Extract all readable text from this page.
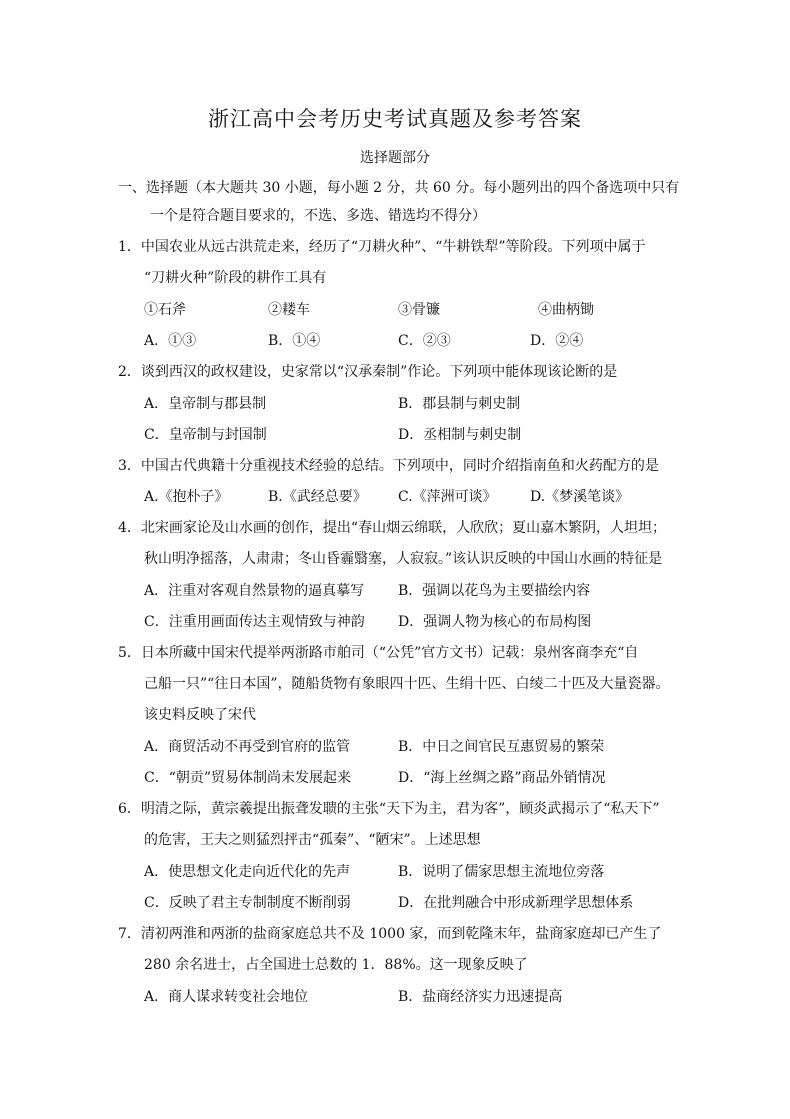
浙江高中会考历史考试真题及参考答案
选择题部分
一、选择题（本大题共 30 小题，每小题 2 分，共 60 分。每小题列出的四个备选项中只有
一个是符合题目要求的，不选、多选、错选均不得分）
1．中国农业从远古洪荒走来，经历了“刀耕火种”、“牛耕铁犁”等阶段。下列项中属于
“刀耕火种”阶段的耕作工具有
①石斧	②耧车	③骨镰	④曲柄锄
A．①③	B．①④	C．②③	D．②④
2．谈到西汉的政权建设，史家常以“汉承秦制”作论。下列项中能体现该论断的是
A．皇帝制与郡县制	B．郡县制与刺史制
C．皇帝制与封国制	D．丞相制与刺史制
3．中国古代典籍十分重视技术经验的总结。下列项中，同时介绍指南鱼和火药配方的是
A.《抱朴子》	B.《武经总要》 C.《萍洲可谈》 D.《梦溪笔谈》
4．北宋画家论及山水画的创作，提出“春山烟云绵联，人欣欣；夏山嘉木繁阴，人坦坦；
秋山明净摇落，人肃肃；冬山昏霾翳塞，人寂寂。”该认识反映的中国山水画的特征是
A．注重对客观自然景物的逼真摹写 B．强调以花鸟为主要描绘内容
C．注重用画面传达主观情致与神韵 D．强调人物为核心的布局构图
5．日本所藏中国宋代提举两浙路市舶司（“公凭”官方文书）记载：泉州客商李充“自
己船一只”“往日本国”，随船货物有象眼四十匹、生绢十匹、白绫二十匹及大量瓷器。
该史料反映了宋代
A．商贸活动不再受到官府的监管	B．中日之间官民互惠贸易的繁荣
C．“朝贡”贸易体制尚未发展起来	D．“海上丝绸之路”商品外销情况
6．明清之际，黄宗羲提出振聋发聩的主张“天下为主，君为客”，顾炎武揭示了“私天下”
的危害，王夫之则猛烈抨击“孤秦”、“陋宋”。上述思想
A．使思想文化走向近代化的先声	B．说明了儒家思想主流地位旁落
C．反映了君主专制制度不断削弱	D．在批判融合中形成新理学思想体系
7．清初两淮和两浙的盐商家庭总共不及 1000 家，而到乾隆末年，盐商家庭却已产生了
280 余名进士，占全国进士总数的 1．88%。这一现象反映了
A．商人谋求转变社会地位	B．盐商经济实力迅速提高
